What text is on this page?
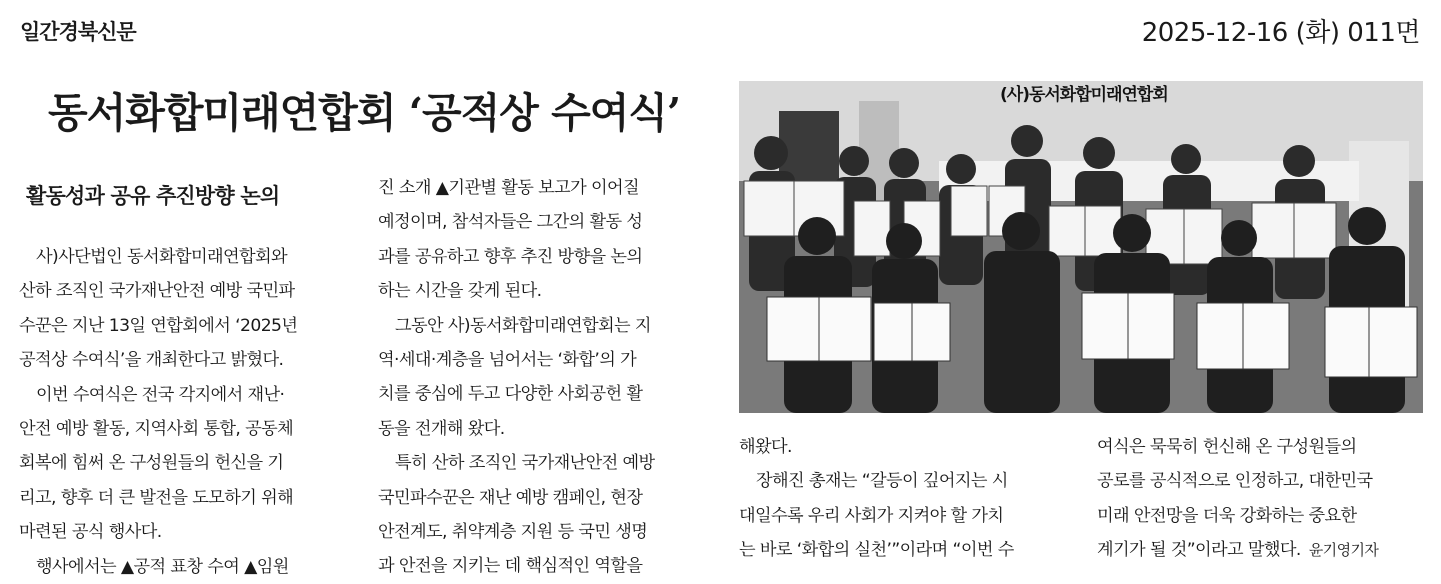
일간경북신문	2025-12-16 (화) 011면
동서화합미래연합회 ‘공적상 수여식’
활동성과 공유 추진방향 논의
사)사단법인 동서화합미래연합회와
산하 조직인 국가재난안전 예방 국민파
수꾼은 지난 13일 연합회에서 ‘2025년
공적상 수여식’을 개최한다고 밝혔다.
이번 수여식은 전국 각지에서 재난·
안전 예방 활동, 지역사회 통합, 공동체
회복에 힘써 온 구성원들의 헌신을 기
리고, 향후 더 큰 발전을 도모하기 위해
마련된 공식 행사다.
행사에서는 ▲공적 표창 수여 ▲임원
진 소개 ▲기관별 활동 보고가 이어질
예정이며, 참석자들은 그간의 활동 성
과를 공유하고 향후 추진 방향을 논의
하는 시간을 갖게 된다.
그동안 사)동서화합미래연합회는 지
역·세대·계층을 넘어서는 ‘화합’의 가
치를 중심에 두고 다양한 사회공헌 활
동을 전개해 왔다.
특히 산하 조직인 국가재난안전 예방
국민파수꾼은 재난 예방 캠페인, 현장
안전계도, 취약계층 지원 등 국민 생명
과 안전을 지키는 데 핵심적인 역할을
(사)동서화합미래연합회
해왔다.
장해진 총재는 “갈등이 깊어지는 시
대일수록 우리 사회가 지켜야 할 가치
는 바로 ‘화합의 실천’”이라며 “이번 수
여식은 묵묵히 헌신해 온 구성원들의
공로를 공식적으로 인정하고, 대한민국
미래 안전망을 더욱 강화하는 중요한
계기가 될 것”이라고 말했다. 윤기영기자
